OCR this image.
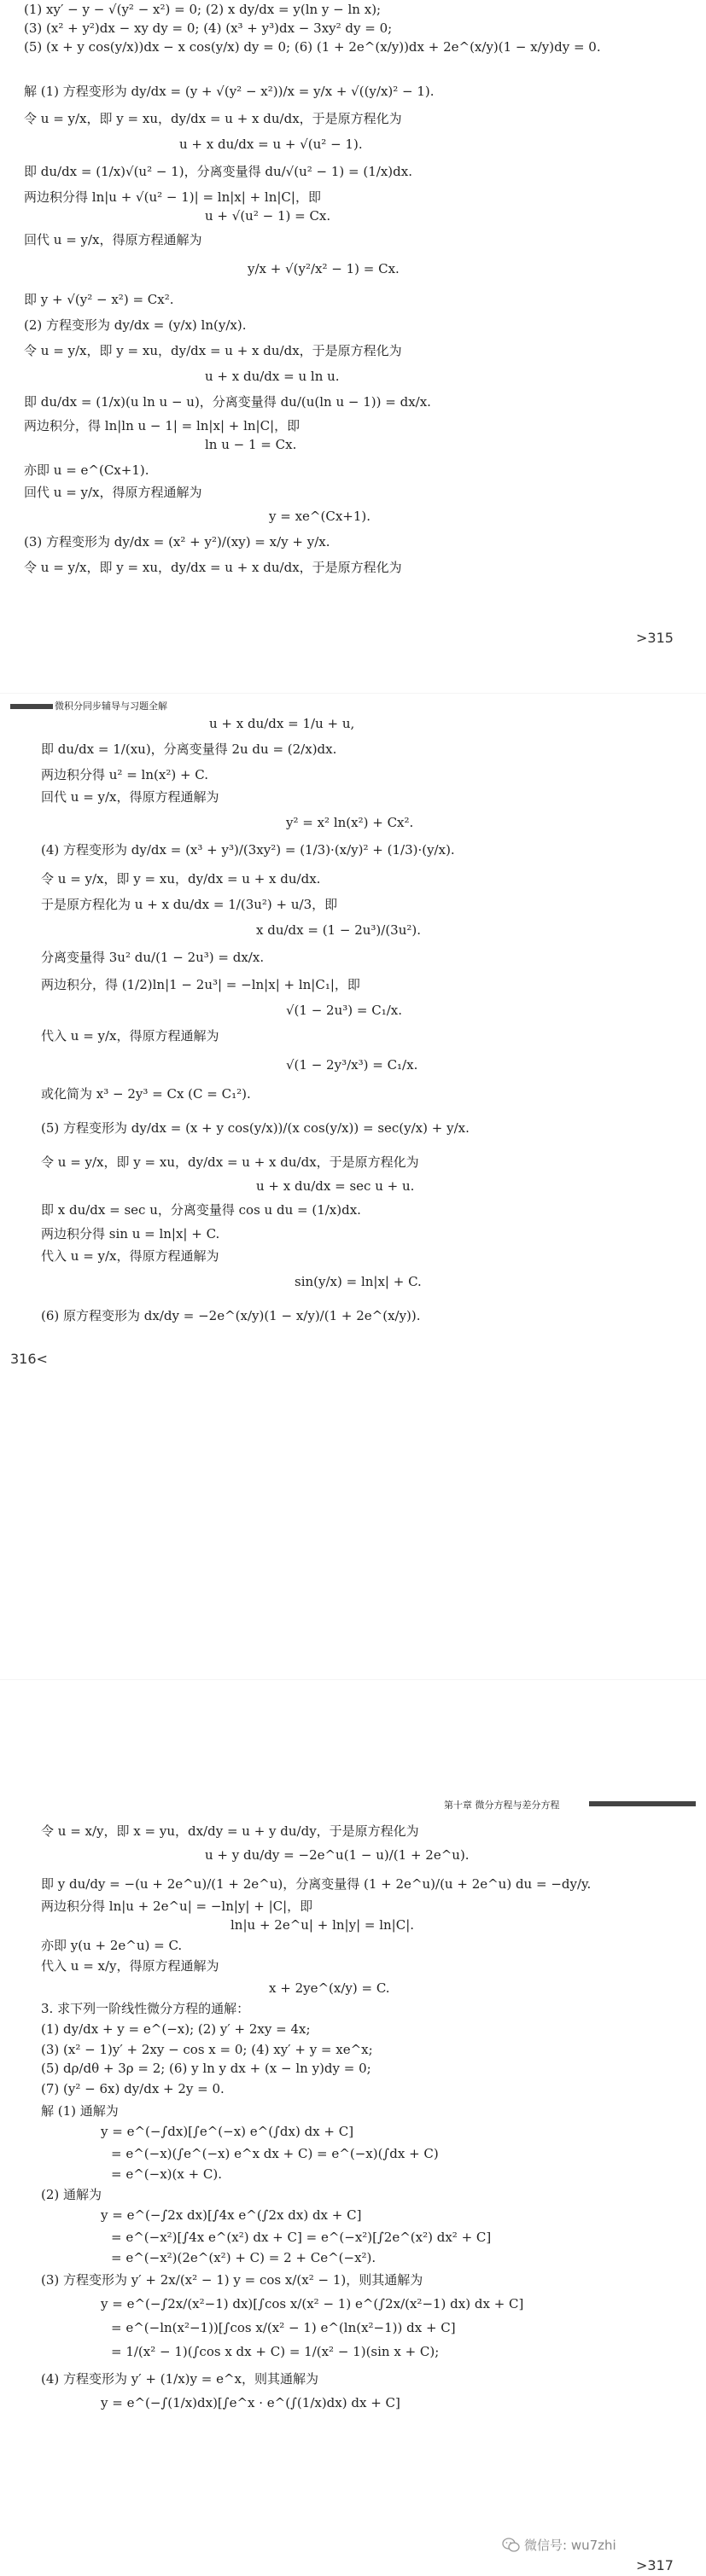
(1) xy′ − y − √(y² − x²) = 0; (2) x dy/dx = y(ln y − ln x);
(3) (x² + y²)dx − xy dy = 0; (4) (x³ + y³)dx − 3xy² dy = 0;
(5) (x + y cos(y/x))dx − x cos(y/x) dy = 0; (6) (1 + 2e^(x/y))dx + 2e^(x/y)(1 − x/y)dy = 0.
解 (1) 方程变形为 dy/dx = (y + √(y² − x²))/x = y/x + √((y/x)² − 1).
令 u = y/x，即 y = xu，dy/dx = u + x du/dx，于是原方程化为
u + x du/dx = u + √(u² − 1).
即 du/dx = (1/x)√(u² − 1)，分离变量得 du/√(u² − 1) = (1/x)dx.
两边积分得 ln|u + √(u² − 1)| = ln|x| + ln|C|，即
u + √(u² − 1) = Cx.
回代 u = y/x，得原方程通解为
y/x + √(y²/x² − 1) = Cx.
即 y + √(y² − x²) = Cx².
(2) 方程变形为 dy/dx = (y/x) ln(y/x).
令 u = y/x，即 y = xu，dy/dx = u + x du/dx，于是原方程化为
u + x du/dx = u ln u.
即 du/dx = (1/x)(u ln u − u)，分离变量得 du/(u(ln u − 1)) = dx/x.
两边积分，得 ln|ln u − 1| = ln|x| + ln|C|，即
ln u − 1 = Cx.
亦即 u = e^(Cx+1).
回代 u = y/x，得原方程通解为
y = xe^(Cx+1).
(3) 方程变形为 dy/dx = (x² + y²)/(xy) = x/y + y/x.
令 u = y/x，即 y = xu，dy/dx = u + x du/dx，于是原方程化为
>315
微积分同步辅导与习题全解
u + x du/dx = 1/u + u,
即 du/dx = 1/(xu)，分离变量得 2u du = (2/x)dx.
两边积分得 u² = ln(x²) + C.
回代 u = y/x，得原方程通解为
y² = x² ln(x²) + Cx².
(4) 方程变形为 dy/dx = (x³ + y³)/(3xy²) = (1/3)·(x/y)² + (1/3)·(y/x).
令 u = y/x，即 y = xu，dy/dx = u + x du/dx.
于是原方程化为 u + x du/dx = 1/(3u²) + u/3，即
x du/dx = (1 − 2u³)/(3u²).
分离变量得 3u² du/(1 − 2u³) = dx/x.
两边积分，得 (1/2)ln|1 − 2u³| = −ln|x| + ln|C₁|，即
√(1 − 2u³) = C₁/x.
代入 u = y/x，得原方程通解为
√(1 − 2y³/x³) = C₁/x.
或化简为 x³ − 2y³ = Cx (C = C₁²).
(5) 方程变形为 dy/dx = (x + y cos(y/x))/(x cos(y/x)) = sec(y/x) + y/x.
令 u = y/x，即 y = xu，dy/dx = u + x du/dx，于是原方程化为
u + x du/dx = sec u + u.
即 x du/dx = sec u，分离变量得 cos u du = (1/x)dx.
两边积分得 sin u = ln|x| + C.
代入 u = y/x，得原方程通解为
sin(y/x) = ln|x| + C.
(6) 原方程变形为 dx/dy = −2e^(x/y)(1 − x/y)/(1 + 2e^(x/y)).
316<
第十章 微分方程与差分方程
令 u = x/y，即 x = yu，dx/dy = u + y du/dy，于是原方程化为
u + y du/dy = −2e^u(1 − u)/(1 + 2e^u).
即 y du/dy = −(u + 2e^u)/(1 + 2e^u)，分离变量得 (1 + 2e^u)/(u + 2e^u) du = −dy/y.
两边积分得 ln|u + 2e^u| = −ln|y| + |C|，即
ln|u + 2e^u| + ln|y| = ln|C|.
亦即 y(u + 2e^u) = C.
代入 u = x/y，得原方程通解为
x + 2ye^(x/y) = C.
3. 求下列一阶线性微分方程的通解：
(1) dy/dx + y = e^(−x); (2) y′ + 2xy = 4x;
(3) (x² − 1)y′ + 2xy − cos x = 0; (4) xy′ + y = xe^x;
(5) dρ/dθ + 3ρ = 2; (6) y ln y dx + (x − ln y)dy = 0;
(7) (y² − 6x) dy/dx + 2y = 0.
解 (1) 通解为
y = e^(−∫dx)[∫e^(−x) e^(∫dx) dx + C]
= e^(−x)(∫e^(−x) e^x dx + C) = e^(−x)(∫dx + C)
= e^(−x)(x + C).
(2) 通解为
y = e^(−∫2x dx)[∫4x e^(∫2x dx) dx + C]
= e^(−x²)[∫4x e^(x²) dx + C] = e^(−x²)[∫2e^(x²) dx² + C]
= e^(−x²)(2e^(x²) + C) = 2 + Ce^(−x²).
(3) 方程变形为 y′ + 2x/(x² − 1) y = cos x/(x² − 1)，则其通解为
y = e^(−∫2x/(x²−1) dx)[∫cos x/(x² − 1) e^(∫2x/(x²−1) dx) dx + C]
= e^(−ln(x²−1))[∫cos x/(x² − 1) e^(ln(x²−1)) dx + C]
= 1/(x² − 1)(∫cos x dx + C) = 1/(x² − 1)(sin x + C);
(4) 方程变形为 y′ + (1/x)y = e^x，则其通解为
y = e^(−∫(1/x)dx)[∫e^x · e^(∫(1/x)dx) dx + C]
微信号: wu7zhi
>317
